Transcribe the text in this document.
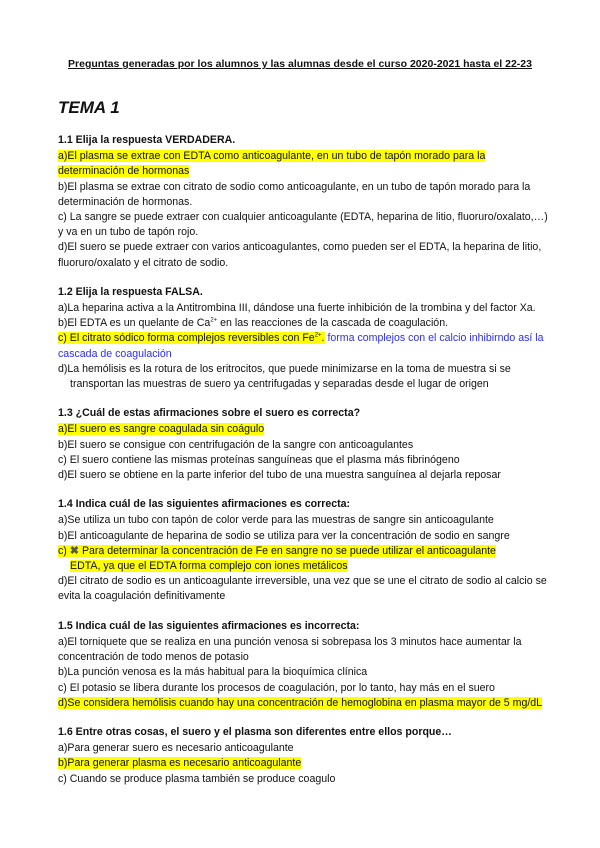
Preguntas generadas por los alumnos y las alumnas desde el curso 2020-2021 hasta el 22-23
TEMA 1
1.1 Elija la respuesta VERDADERA.
a)El plasma se extrae con EDTA como anticoagulante, en un tubo de tapón morado para la determinación de hormonas
b)El plasma se extrae con citrato de sodio como anticoagulante, en un tubo de tapón morado para la determinación de hormonas.
c) La sangre se puede extraer con cualquier anticoagulante (EDTA, heparina de litio, fluoruro/oxalato,…) y va en un tubo de tapón rojo.
d)El suero se puede extraer con varios anticoagulantes, como pueden ser el EDTA, la heparina de litio, fluoruro/oxalato y el citrato de sodio.
1.2 Elija la respuesta FALSA.
a)La heparina activa a la Antitrombina III, dándose una fuerte inhibición de la trombina y del factor Xa.
b)El EDTA es un quelante de $Ca^{2+}$ en las reacciones de la cascada de coagulación.
c) El citrato sódico forma complejos reversibles con $Fe^{2+}$. forma complejos con el calcio inhibirndo así la cascada de coagulación
d)La hemólisis es la rotura de los eritrocitos, que puede minimizarse en la toma de muestra si se
transportan las muestras de suero ya centrifugadas y separadas desde el lugar de origen
1.3 ¿Cuál de estas afirmaciones sobre el suero es correcta?
a)El suero es sangre coagulada sin coágulo
b)El suero se consigue con centrifugación de la sangre con anticoagulantes
c) El suero contiene las mismas proteínas sanguíneas que el plasma más fibrinógeno
d)El suero se obtiene en la parte inferior del tubo de una muestra sanguínea al dejarla reposar
1.4 Indica cuál de las siguientes afirmaciones es correcta:
a)Se utiliza un tubo con tapón de color verde para las muestras de sangre sin anticoagulante
b)El anticoagulante de heparina de sodio se utiliza para ver la concentración de sodio en sangre
c) ✖ Para determinar la concentración de Fe en sangre no se puede utilizar el anticoagulante
EDTA, ya que el EDTA forma complejo con iones metálicos
d)El citrato de sodio es un anticoagulante irreversible, una vez que se une el citrato de sodio al calcio se evita la coagulación definitivamente
1.5 Indica cuál de las siguientes afirmaciones es incorrecta:
a)El torniquete que se realiza en una punción venosa si sobrepasa los 3 minutos hace aumentar la concentración de todo menos de potasio
b)La punción venosa es la más habitual para la bioquímica clínica
c) El potasio se libera durante los procesos de coagulación, por lo tanto, hay más en el suero
d)Se considera hemólisis cuando hay una concentración de hemoglobina en plasma mayor de 5 mg/dL
1.6 Entre otras cosas, el suero y el plasma son diferentes entre ellos porque…
a)Para generar suero es necesario anticoagulante
b)Para generar plasma es necesario anticoagulante
c) Cuando se produce plasma también se produce coagulo
